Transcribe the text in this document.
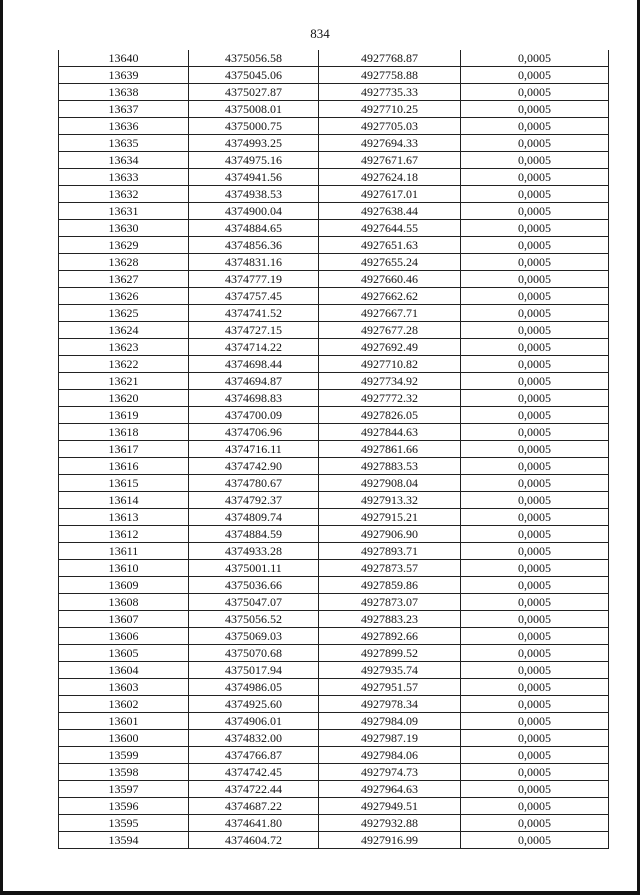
834
13640	4375056.58	4927768.87	0,0005
13639	4375045.06	4927758.88	0,0005
13638	4375027.87	4927735.33	0,0005
13637	4375008.01	4927710.25	0,0005
13636	4375000.75	4927705.03	0,0005
13635	4374993.25	4927694.33	0,0005
13634	4374975.16	4927671.67	0,0005
13633	4374941.56	4927624.18	0,0005
13632	4374938.53	4927617.01	0,0005
13631	4374900.04	4927638.44	0,0005
13630	4374884.65	4927644.55	0,0005
13629	4374856.36	4927651.63	0,0005
13628	4374831.16	4927655.24	0,0005
13627	4374777.19	4927660.46	0,0005
13626	4374757.45	4927662.62	0,0005
13625	4374741.52	4927667.71	0,0005
13624	4374727.15	4927677.28	0,0005
13623	4374714.22	4927692.49	0,0005
13622	4374698.44	4927710.82	0,0005
13621	4374694.87	4927734.92	0,0005
13620	4374698.83	4927772.32	0,0005
13619	4374700.09	4927826.05	0,0005
13618	4374706.96	4927844.63	0,0005
13617	4374716.11	4927861.66	0,0005
13616	4374742.90	4927883.53	0,0005
13615	4374780.67	4927908.04	0,0005
13614	4374792.37	4927913.32	0,0005
13613	4374809.74	4927915.21	0,0005
13612	4374884.59	4927906.90	0,0005
13611	4374933.28	4927893.71	0,0005
13610	4375001.11	4927873.57	0,0005
13609	4375036.66	4927859.86	0,0005
13608	4375047.07	4927873.07	0,0005
13607	4375056.52	4927883.23	0,0005
13606	4375069.03	4927892.66	0,0005
13605	4375070.68	4927899.52	0,0005
13604	4375017.94	4927935.74	0,0005
13603	4374986.05	4927951.57	0,0005
13602	4374925.60	4927978.34	0,0005
13601	4374906.01	4927984.09	0,0005
13600	4374832.00	4927987.19	0,0005
13599	4374766.87	4927984.06	0,0005
13598	4374742.45	4927974.73	0,0005
13597	4374722.44	4927964.63	0,0005
13596	4374687.22	4927949.51	0,0005
13595	4374641.80	4927932.88	0,0005
13594	4374604.72	4927916.99	0,0005
